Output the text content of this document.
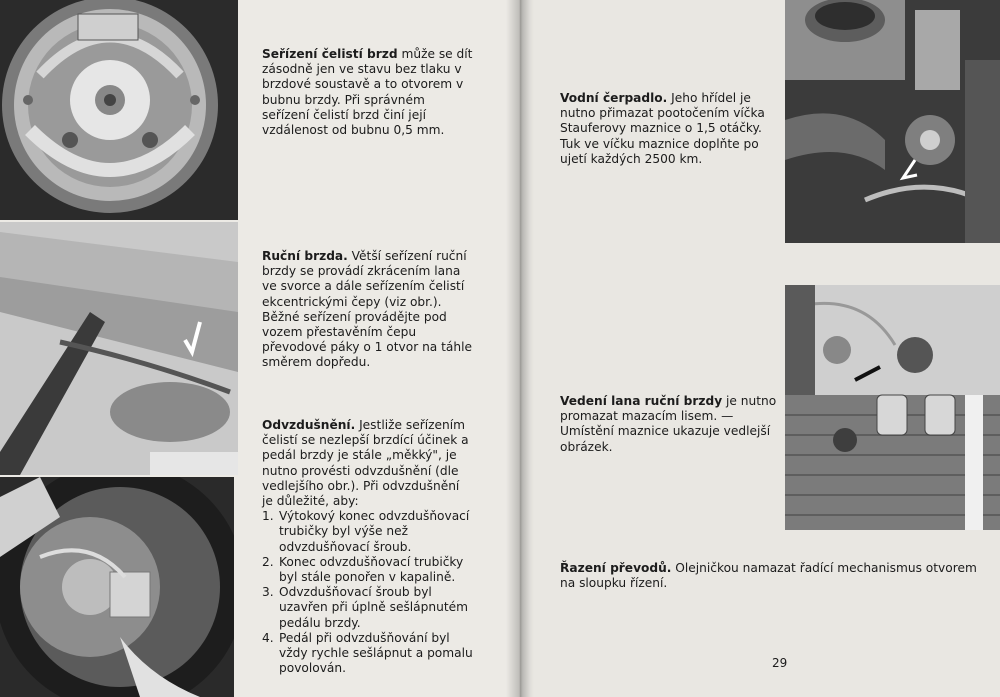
Seřízení čelistí brzd může se dít zásodně jen ve stavu bez tlaku v brzdové soustavě a to otvorem v bubnu brzdy. Při správném seřízení čelistí brzd činí její vzdálenost od bubnu 0,5 mm.
Ruční brzda. Větší seřízení ruční brzdy se provádí zkrácením lana ve svorce a dále seřízením čelistí ekcentrickými čepy (viz obr.). Běžné seřízení provádějte pod vozem přestavěním čepu převodové páky o 1 otvor na táhle směrem dopředu.
Odvzdušnění. Jestliže seřízením čelistí se nezlepší brzdící účinek a pedál brzdy je stále „měkký", je nutno provésti odvzdušnění (dle vedlejšího obr.). Při odvzdušnění je důležité, aby:
1. Výtokový konec odvzdušňovací trubičky byl výše než odvzdušňovací šroub.
2. Konec odvzdušňovací trubičky byl stále ponořen v kapalině.
3. Odvzdušňovací šroub byl uzavřen při úplně sešlápnutém pedálu brzdy.
4. Pedál při odvzdušňování byl vždy rychle sešlápnut a pomalu povolován.
Vodní čerpadlo. Jeho hřídel je nutno přimazat pootočením víčka Stauferovy maznice o 1,5 otáčky. Tuk ve víčku maznice doplňte po ujetí každých 2500 km.
Vedení lana ruční brzdy je nutno promazat mazacím lisem. — Umístění maznice ukazuje vedlejší obrázek.
Řazení převodů. Olejničkou namazat řadící mechanismus otvorem na sloupku řízení.
29
